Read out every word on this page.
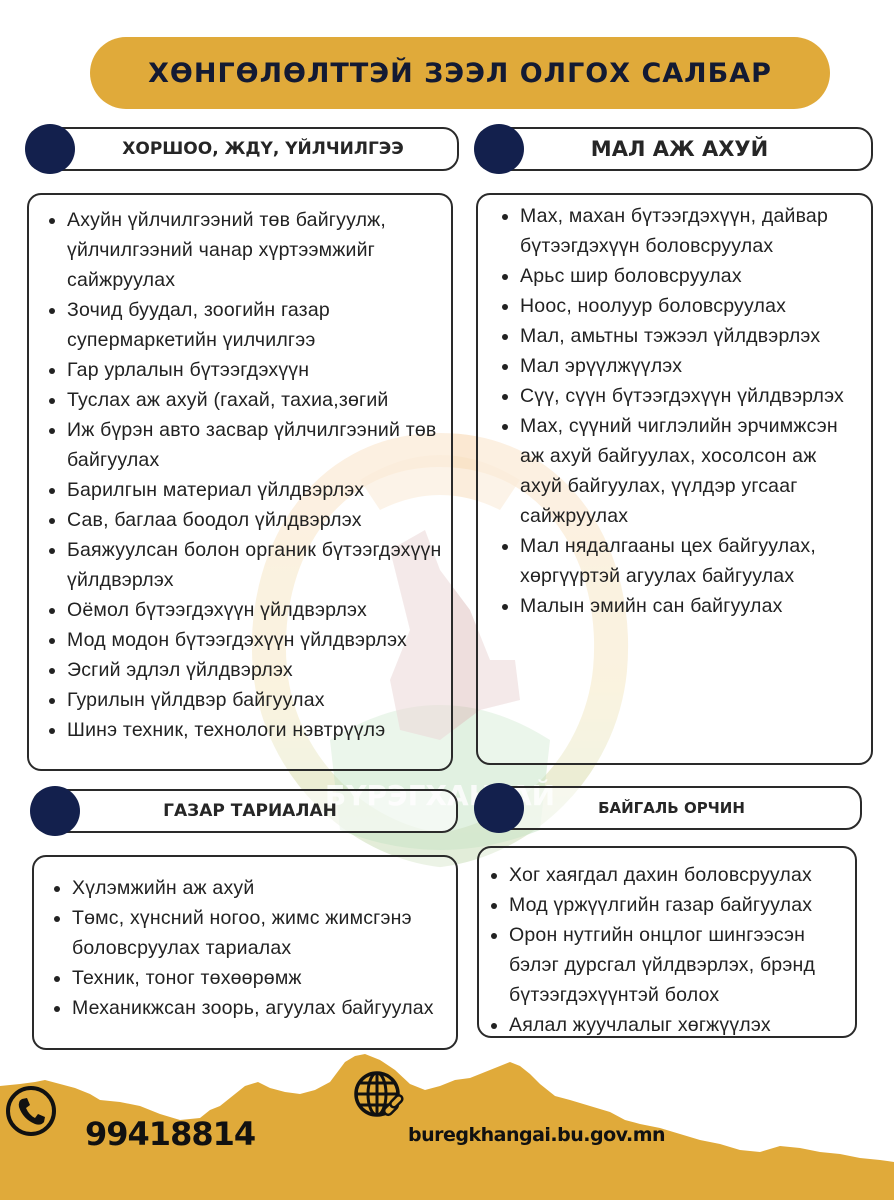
ХӨНГӨЛӨЛТТЭЙ ЗЭЭЛ ОЛГОХ САЛБАР
ХОРШОО, ЖДҮ, ҮЙЛЧИЛГЭЭ
Ахуйн үйлчилгээний төв байгуулж, үйлчилгээний чанар хүртээмжийг сайжруулах
Зочид буудал, зоогийн газар супермаркетийн үилчилгээ
Гар урлалын бүтээгдэхүүн
Туслах аж ахуй (гахай, тахиа,зөгий
Иж бүрэн авто засвар үйлчилгээний төв байгуулах
Барилгын материал үйлдвэрлэх
Сав, баглаа боодол үйлдвэрлэх
Баяжуулсан болон органик бүтээгдэхүүн үйлдвэрлэх
Оёмол бүтээгдэхүүн үйлдвэрлэх
Мод модон бүтээгдэхүүн үйлдвэрлэх
Эсгий эдлэл үйлдвэрлэх
Гурилын үйлдвэр байгуулах
Шинэ техник, технологи нэвтрүүлэ
МАЛ АЖ АХУЙ
Мах, махан бүтээгдэхүүн, дайвар бүтээгдэхүүн боловсруулах
Арьс шир боловсруулах
Ноос, ноолуур боловсруулах
Мал, амьтны тэжээл үйлдвэрлэх
Мал эрүүлжүүлэх
Сүү, сүүн бүтээгдэхүүн үйлдвэрлэх
Мах, сүүний чиглэлийн эрчимжсэн аж ахуй байгуулах, хосолсон аж ахуй байгуулах, үүлдэр угсааг сайжруулах
Мал нядалгааны цех байгуулах, хөргүүртэй агуулах байгуулах
Малын эмийн сан байгуулах
ГАЗАР ТАРИАЛАН
Хүлэмжийн аж ахуй
Төмс, хүнсний ногоо, жимс жимсгэнэ боловсруулах тариалах
Техник, тоног төхөөрөмж
Механикжсан зоорь, агуулах байгуулах
БАЙГАЛЬ ОРЧИН
Хог хаягдал дахин боловсруулах
Мод үржүүлгийн газар байгуулах
Орон нутгийн онцлог шингээсэн бэлэг дурсгал үйлдвэрлэх, брэнд бүтээгдэхүүнтэй болох
Аялал жуучлалыг хөгжүүлэх
99418814	buregkhangai.bu.gov.mn
